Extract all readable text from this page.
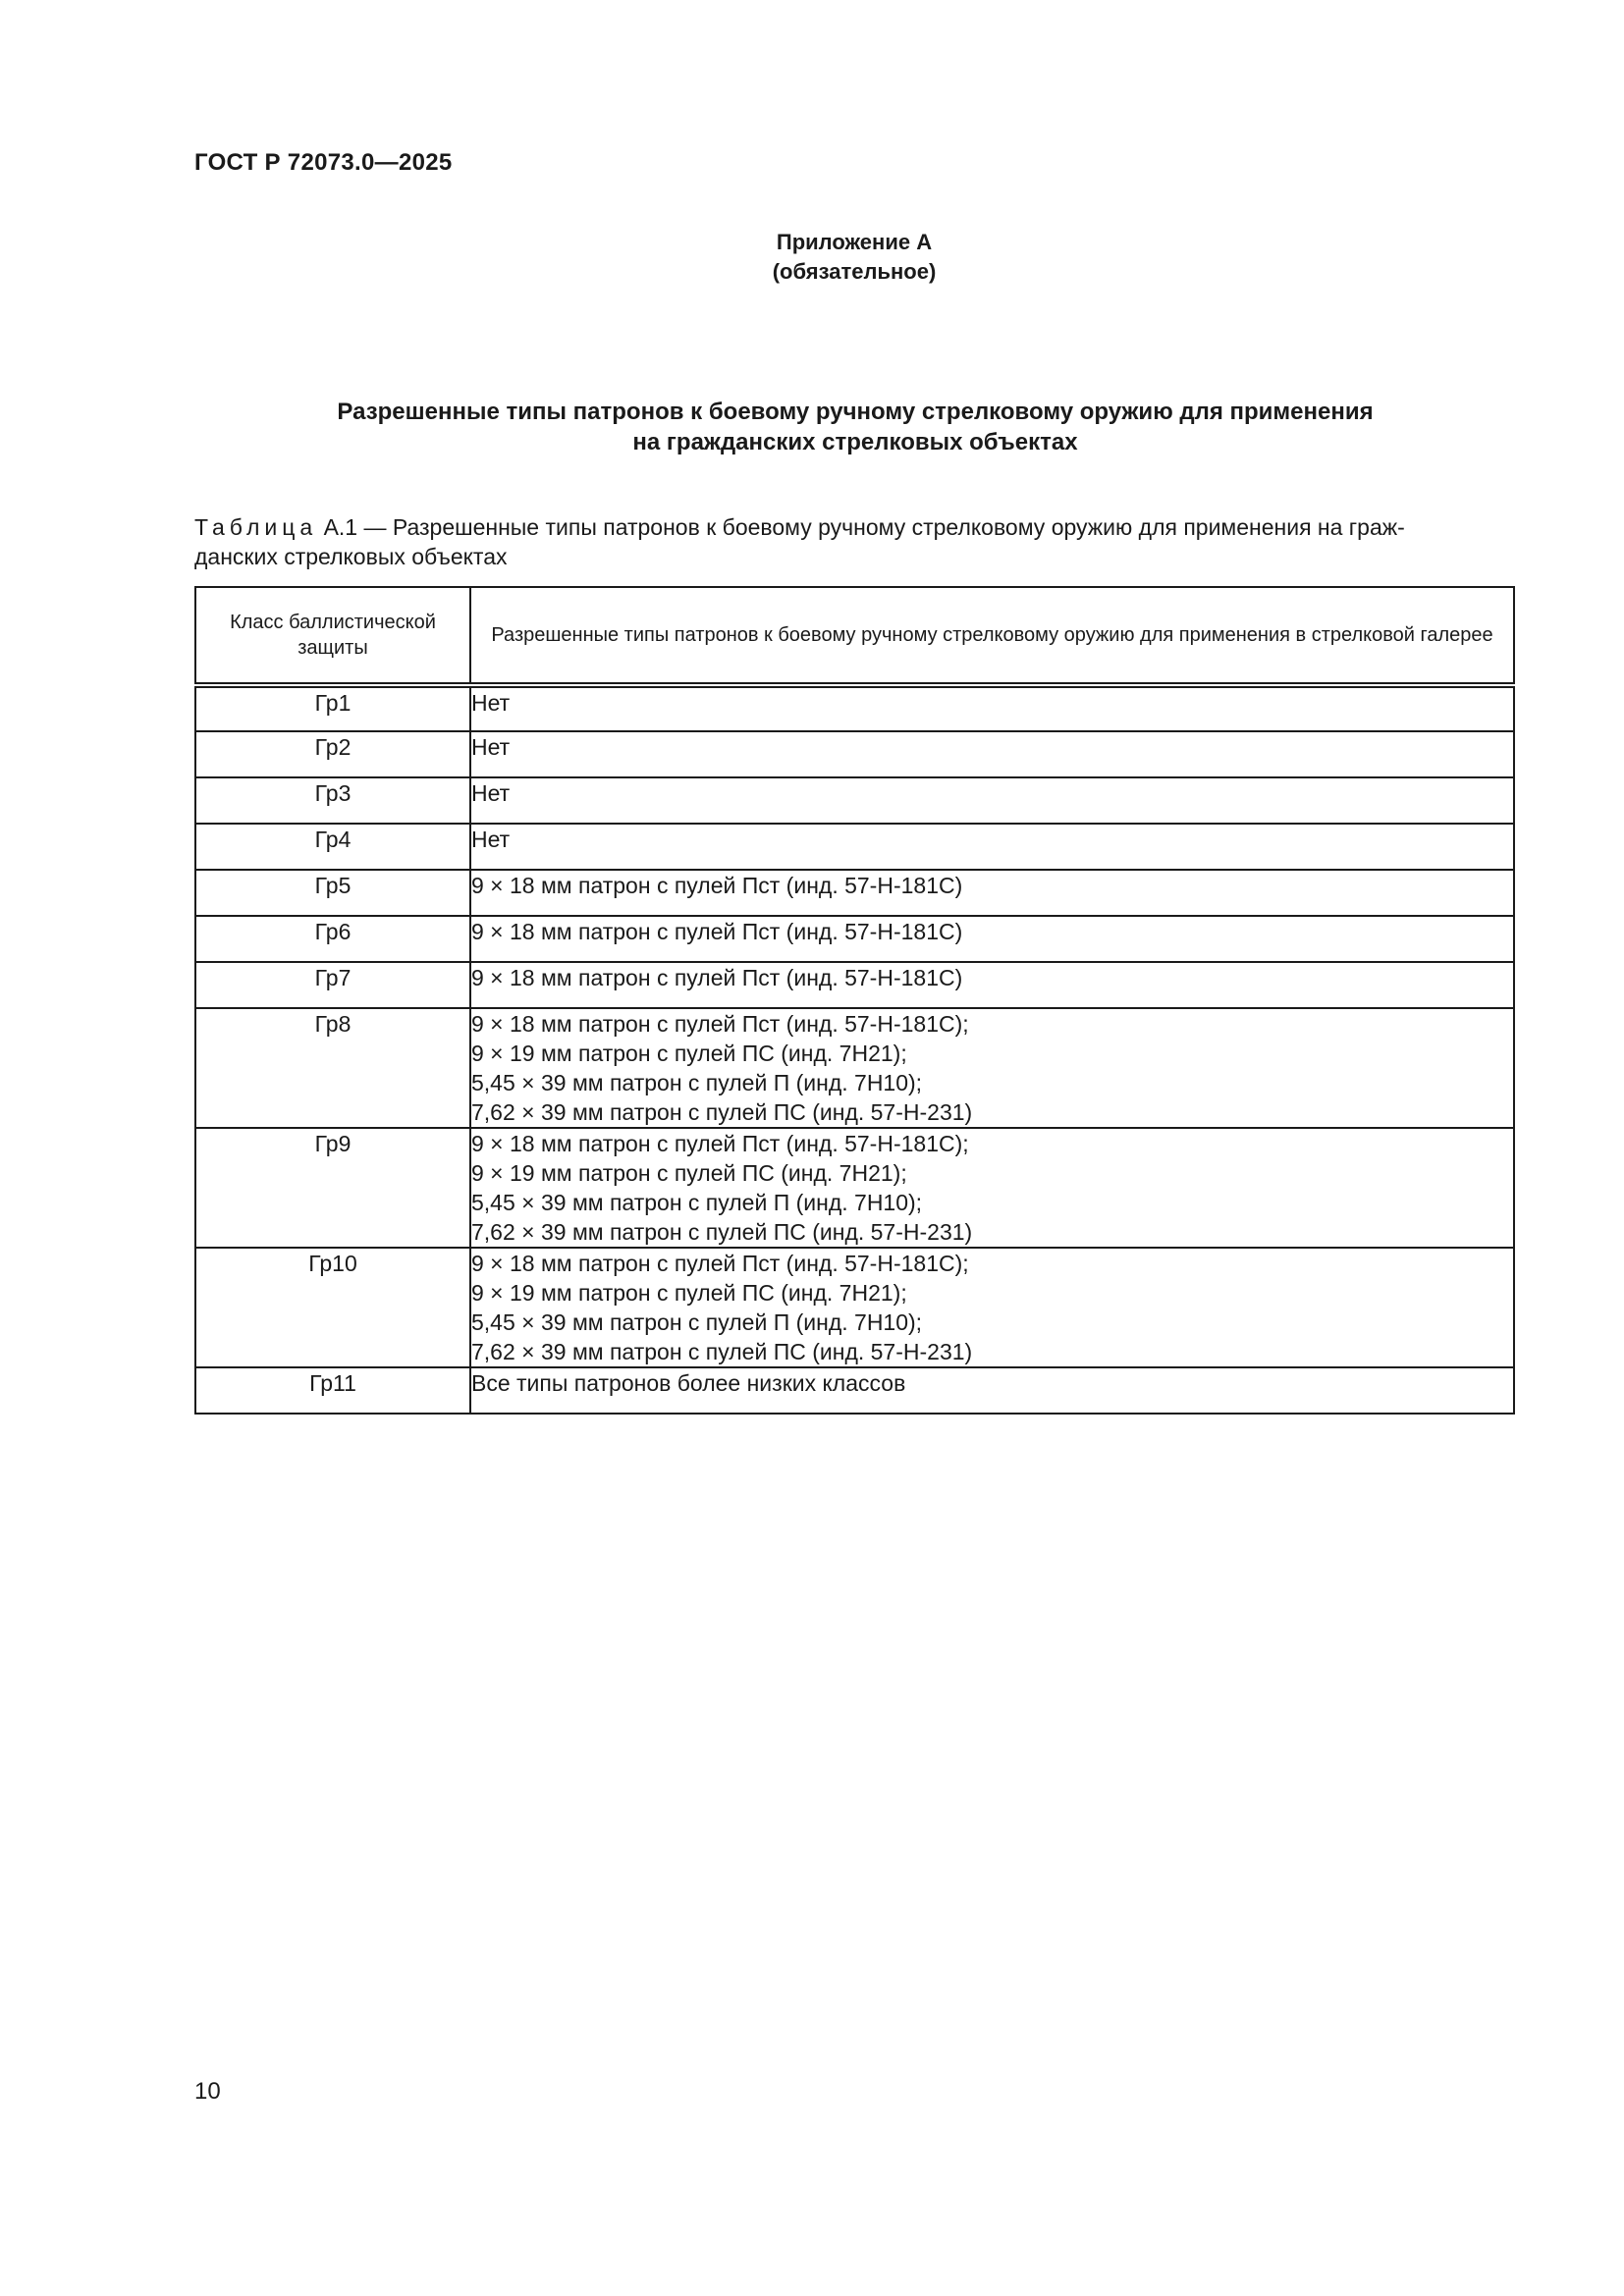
ГОСТ Р 72073.0—2025
Приложение А
(обязательное)
Разрешенные типы патронов к боевому ручному стрелковому оружию для применения
на гражданских стрелковых объектах
Таблица А.1 — Разрешенные типы патронов к боевому ручному стрелковому оружию для применения на граж-
данских стрелковых объектах
Класс баллистической защиты	Разрешенные типы патронов к боевому ручному стрелковому оружию для применения в стрелковой галерее
Гр1	Нет

Гр2	Нет

Гр3	Нет

Гр4	Нет

Гр5	9 × 18 мм патрон с пулей Пст (инд. 57-Н-181С)

Гр6	9 × 18 мм патрон с пулей Пст (инд. 57-Н-181С)

Гр7	9 × 18 мм патрон с пулей Пст (инд. 57-Н-181С)

Гр8	9 × 18 мм патрон с пулей Пст (инд. 57-Н-181С);
9 × 19 мм патрон с пулей ПС (инд. 7Н21);
5,45 × 39 мм патрон с пулей П (инд. 7Н10);
7,62 × 39 мм патрон с пулей ПС (инд. 57-Н-231)

Гр9	9 × 18 мм патрон с пулей Пст (инд. 57-Н-181С);
9 × 19 мм патрон с пулей ПС (инд. 7Н21);
5,45 × 39 мм патрон с пулей П (инд. 7Н10);
7,62 × 39 мм патрон с пулей ПС (инд. 57-Н-231)

Гр10	9 × 18 мм патрон с пулей Пст (инд. 57-Н-181С);
9 × 19 мм патрон с пулей ПС (инд. 7Н21);
5,45 × 39 мм патрон с пулей П (инд. 7Н10);
7,62 × 39 мм патрон с пулей ПС (инд. 57-Н-231)

Гр11	Все типы патронов более низких классов
10
